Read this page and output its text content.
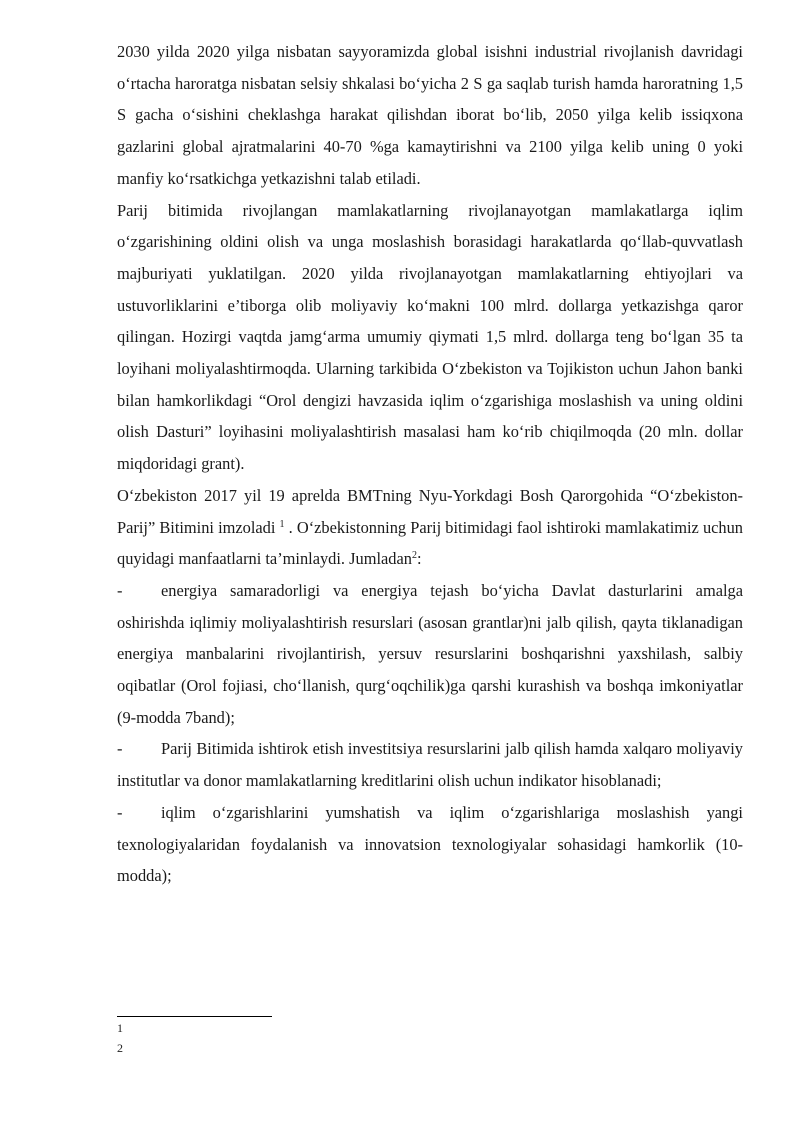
2030 yilda 2020 yilga nisbatan sayyoramizda global isishni industrial rivojlanish davridagi o‘rtacha haroratga nisbatan selsiy shkalasi bo‘yicha 2 S ga saqlab turish hamda haroratning 1,5 S gacha o‘sishini cheklashga harakat qilishdan iborat bo‘lib, 2050 yilga kelib issiqxona gazlarini global ajratmalarini 40-70 %ga kamaytirishni va 2100 yilga kelib uning 0 yoki manfiy ko‘rsatkichga yetkazishni talab etiladi.

Parij bitimida rivojlangan mamlakatlarning rivojlanayotgan mamlakatlarga iqlim o‘zgarishining oldini olish va unga moslashish borasidagi harakatlarda qo‘llab-quvvatlash majburiyati yuklatilgan. 2020 yilda rivojlanayotgan mamlakatlarning ehtiyojlari va ustuvorliklarini e’tiborga olib moliyaviy ko‘makni 100 mlrd. dollarga yetkazishga qaror qilingan. Hozirgi vaqtda jamg‘arma umumiy qiymati 1,5 mlrd. dollarga teng bo‘lgan 35 ta loyihani moliyalashtirmoqda. Ularning tarkibida O‘zbekiston va Tojikiston uchun Jahon banki bilan hamkorlikdagi “Orol dengizi havzasida iqlim o‘zgarishiga moslashish va uning oldini olish Dasturi” loyihasini moliyalashtirish masalasi ham ko‘rib chiqilmoqda (20 mln. dollar miqdoridagi grant).

O‘zbekiston 2017 yil 19 aprelda BMTning Nyu-Yorkdagi Bosh Qarorgohida “O‘zbekiston-Parij” Bitimini imzoladi $^1$ . O‘zbekistonning Parij bitimidagi faol ishtiroki mamlakatimiz uchun quyidagi manfaatlarni ta’minlaydi. Jumladan$^2$:

- energiya samaradorligi va energiya tejash bo‘yicha Davlat dasturlarini amalga oshirishda iqlimiy moliyalashtirish resurslari (asosan grantlar)ni jalb qilish, qayta tiklanadigan energiya manbalarini rivojlantirish, yersuv resurslarini boshqarishni yaxshilash, salbiy oqibatlar (Orol fojiasi, cho‘llanish, qurg‘oqchilik)ga qarshi kurashish va boshqa imkoniyatlar (9-modda 7band);

- Parij Bitimida ishtirok etish investitsiya resurslarini jalb qilish hamda xalqaro moliyaviy institutlar va donor mamlakatlarning kreditlarini olish uchun indikator hisoblanadi;

- iqlim o‘zgarishlarini yumshatish va iqlim o‘zgarishlariga moslashish yangi texnologiyalaridan foydalanish va innovatsion texnologiyalar sohasidagi hamkorlik (10-modda);

1
2
